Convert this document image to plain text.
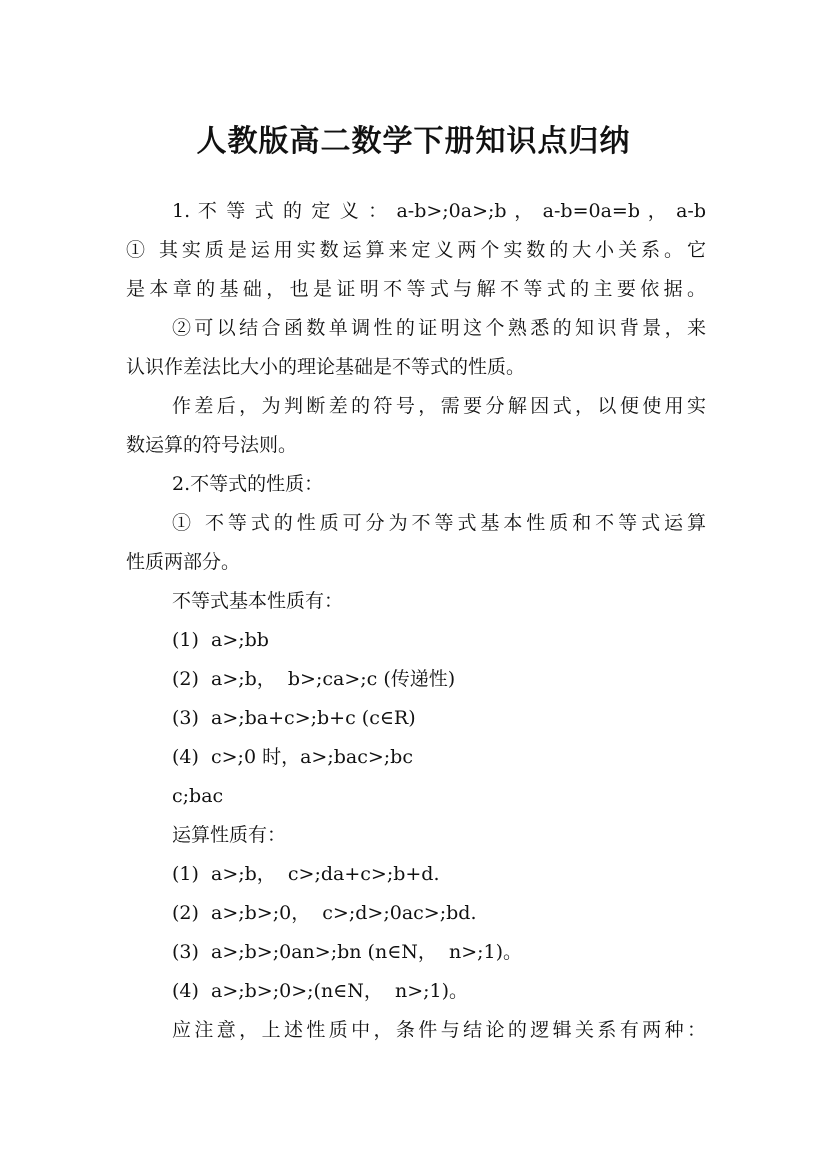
人教版高二数学下册知识点归纳

1. 不 等 式 的 定 义 ： a-b>;0a>;b ， a-b=0a=b ， a-b

① 其实质是运用实数运算来定义两个实数的大小关系。它

是本章的基础，也是证明不等式与解不等式的主要依据。

②可以结合函数单调性的证明这个熟悉的知识背景，来

认识作差法比大小的理论基础是不等式的性质。

作差后，为判断差的符号，需要分解因式，以便使用实

数运算的符号法则。

2.不等式的性质：

① 不等式的性质可分为不等式基本性质和不等式运算

性质两部分。

不等式基本性质有：

(1)  a>;bb

(2)  a>;b，  b>;ca>;c (传递性)

(3)  a>;ba+c>;b+c (c∈R)

(4)  c>;0 时，a>;bac>;bc

c;bac

运算性质有：

(1)  a>;b，  c>;da+c>;b+d.

(2)  a>;b>;0，  c>;d>;0ac>;bd.

(3)  a>;b>;0an>;bn (n∈N，  n>;1)。

(4)  a>;b>;0>;(n∈N，  n>;1)。

应注意，上述性质中，条件与结论的逻辑关系有两种：
